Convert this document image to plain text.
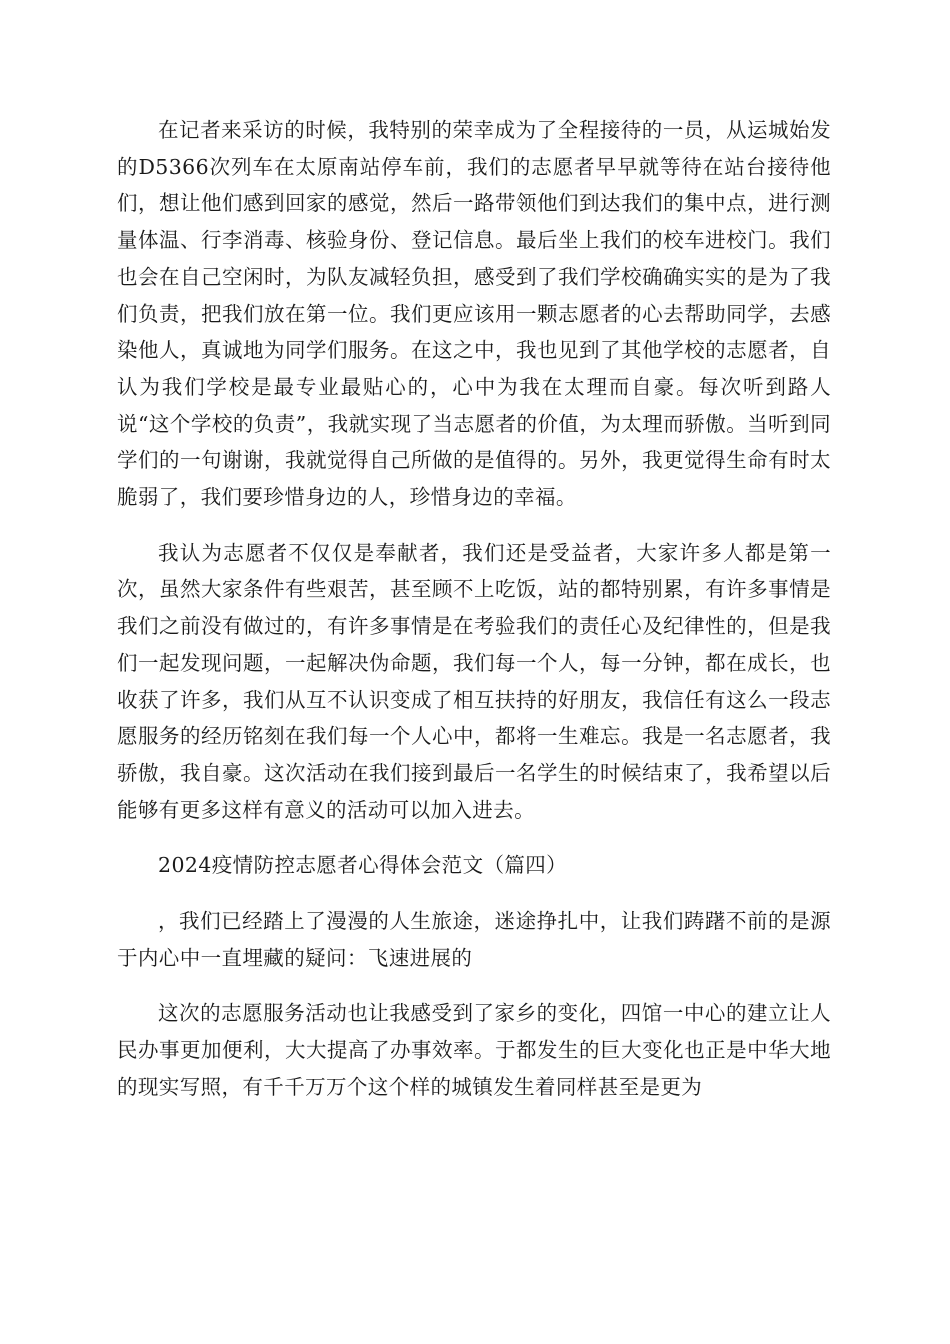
在记者来采访的时候，我特别的荣幸成为了全程接待的一员，从运城始发的D5366次列车在太原南站停车前，我们的志愿者早早就等待在站台接待他们，想让他们感到回家的感觉，然后一路带领他们到达我们的集中点，进行测量体温、行李消毒、核验身份、登记信息。最后坐上我们的校车进校门。我们也会在自己空闲时，为队友减轻负担，感受到了我们学校确确实实的是为了我们负责，把我们放在第一位。我们更应该用一颗志愿者的心去帮助同学，去感染他人，真诚地为同学们服务。在这之中，我也见到了其他学校的志愿者，自认为我们学校是最专业最贴心的，心中为我在太理而自豪。每次听到路人说“这个学校的负责”，我就实现了当志愿者的价值，为太理而骄傲。当听到同学们的一句谢谢，我就觉得自己所做的是值得的。另外，我更觉得生命有时太脆弱了，我们要珍惜身边的人，珍惜身边的幸福。

我认为志愿者不仅仅是奉献者，我们还是受益者，大家许多人都是第一次，虽然大家条件有些艰苦，甚至顾不上吃饭，站的都特别累，有许多事情是我们之前没有做过的，有许多事情是在考验我们的责任心及纪律性的，但是我们一起发现问题，一起解决伪命题，我们每一个人，每一分钟，都在成长，也收获了许多，我们从互不认识变成了相互扶持的好朋友，我信任有这么一段志愿服务的经历铭刻在我们每一个人心中，都将一生难忘。我是一名志愿者，我骄傲，我自豪。这次活动在我们接到最后一名学生的时候结束了，我希望以后能够有更多这样有意义的活动可以加入进去。

2024疫情防控志愿者心得体会范文（篇四）

，我们已经踏上了漫漫的人生旅途，迷途挣扎中，让我们踌躇不前的是源于内心中一直埋藏的疑问：飞速进展的

这次的志愿服务活动也让我感受到了家乡的变化，四馆一中心的建立让人民办事更加便利，大大提高了办事效率。于都发生的巨大变化也正是中华大地的现实写照，有千千万万个这个样的城镇发生着同样甚至是更为
